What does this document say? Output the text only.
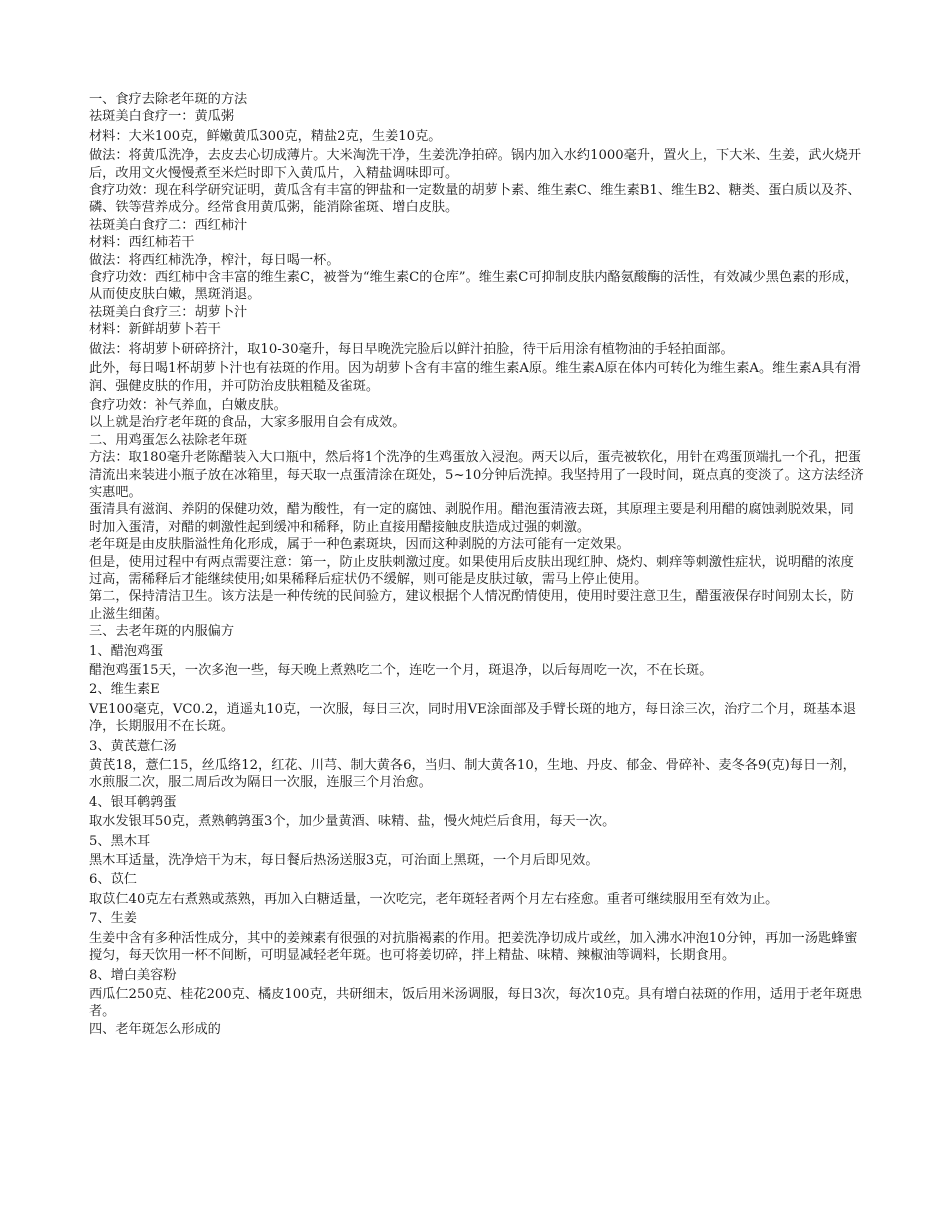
一、食疗去除老年斑的方法

祛斑美白食疗一：黄瓜粥

材料：大米100克，鲜嫩黄瓜300克，精盐2克，生姜10克。

做法：将黄瓜洗净，去皮去心切成薄片。大米淘洗干净，生姜洗净拍碎。锅内加入水约1000毫升，置火上，下大米、生姜，武火烧开后，改用文火慢慢煮至米烂时即下入黄瓜片，入精盐调味即可。

食疗功效：现在科学研究证明，黄瓜含有丰富的钾盐和一定数量的胡萝卜素、维生素C、维生素B1、维生B2、糖类、蛋白质以及芥、磷、铁等营养成分。经常食用黄瓜粥，能消除雀斑、增白皮肤。

祛斑美白食疗二：西红柿汁

材料：西红柿若干

做法：将西红柿洗净，榨汁，每日喝一杯。

食疗功效：西红柿中含丰富的维生素C，被誉为“维生素C的仓库”。维生素C可抑制皮肤内酪氨酸酶的活性，有效减少黑色素的形成，从而使皮肤白嫩，黑斑消退。

祛斑美白食疗三：胡萝卜汁

材料：新鲜胡萝卜若干

做法：将胡萝卜研碎挤汁，取10-30毫升，每日早晚洗完脸后以鲜汁拍脸，待干后用涂有植物油的手轻拍面部。

此外，每日喝1杯胡萝卜汁也有祛斑的作用。因为胡萝卜含有丰富的维生素A原。维生素A原在体内可转化为维生素A。维生素A具有滑润、强健皮肤的作用，并可防治皮肤粗糙及雀斑。

食疗功效：补气养血，白嫩皮肤。

以上就是治疗老年斑的食品，大家多服用自会有成效。

二、用鸡蛋怎么祛除老年斑

方法：取180毫升老陈醋装入大口瓶中，然后将1个洗净的生鸡蛋放入浸泡。两天以后，蛋壳被软化，用针在鸡蛋顶端扎一个孔，把蛋清流出来装进小瓶子放在冰箱里，每天取一点蛋清涂在斑处，5~10分钟后洗掉。我坚持用了一段时间，斑点真的变淡了。这方法经济实惠吧。

蛋清具有滋润、养阴的保健功效，醋为酸性，有一定的腐蚀、剥脱作用。醋泡蛋清液去斑，其原理主要是利用醋的腐蚀剥脱效果，同时加入蛋清，对醋的刺激性起到缓冲和稀释，防止直接用醋接触皮肤造成过强的刺激。

老年斑是由皮肤脂溢性角化形成，属于一种色素斑块，因而这种剥脱的方法可能有一定效果。

但是，使用过程中有两点需要注意：第一，防止皮肤刺激过度。如果使用后皮肤出现红肿、烧灼、刺痒等刺激性症状，说明醋的浓度过高，需稀释后才能继续使用;如果稀释后症状仍不缓解，则可能是皮肤过敏，需马上停止使用。

第二，保持清洁卫生。该方法是一种传统的民间验方，建议根据个人情况酌情使用，使用时要注意卫生，醋蛋液保存时间别太长，防止滋生细菌。

三、去老年斑的内服偏方

1、醋泡鸡蛋

醋泡鸡蛋15天，一次多泡一些，每天晚上煮熟吃二个，连吃一个月，斑退净，以后每周吃一次，不在长斑。

2、维生素E

VE100毫克，VC0.2，逍遥丸10克，一次服，每日三次，同时用VE涂面部及手臂长斑的地方，每日涂三次，治疗二个月，斑基本退净，长期服用不在长斑。

3、黄芪薏仁汤

黄芪18，薏仁15，丝瓜络12，红花、川芎、制大黄各6，当归、制大黄各10，生地、丹皮、郁金、骨碎补、麦冬各9(克)每日一剂，水煎服二次，服二周后改为隔日一次服，连服三个月治愈。

4、银耳鹌鹑蛋

取水发银耳50克，煮熟鹌鹑蛋3个，加少量黄酒、味精、盐，慢火炖烂后食用，每天一次。

5、黑木耳

黑木耳适量，洗净焙干为末，每日餐后热汤送服3克，可治面上黑斑，一个月后即见效。

6、苡仁

取苡仁40克左右煮熟或蒸熟，再加入白糖适量，一次吃完，老年斑轻者两个月左右痊愈。重者可继续服用至有效为止。

7、生姜

生姜中含有多种活性成分，其中的姜辣素有很强的对抗脂褐素的作用。把姜洗净切成片或丝，加入沸水冲泡10分钟，再加一汤匙蜂蜜搅匀，每天饮用一杯不间断，可明显减轻老年斑。也可将姜切碎，拌上精盐、味精、辣椒油等调料，长期食用。

8、增白美容粉

西瓜仁250克、桂花200克、橘皮100克，共研细末，饭后用米汤调服，每日3次，每次10克。具有增白祛斑的作用，适用于老年斑患者。

四、老年斑怎么形成的
